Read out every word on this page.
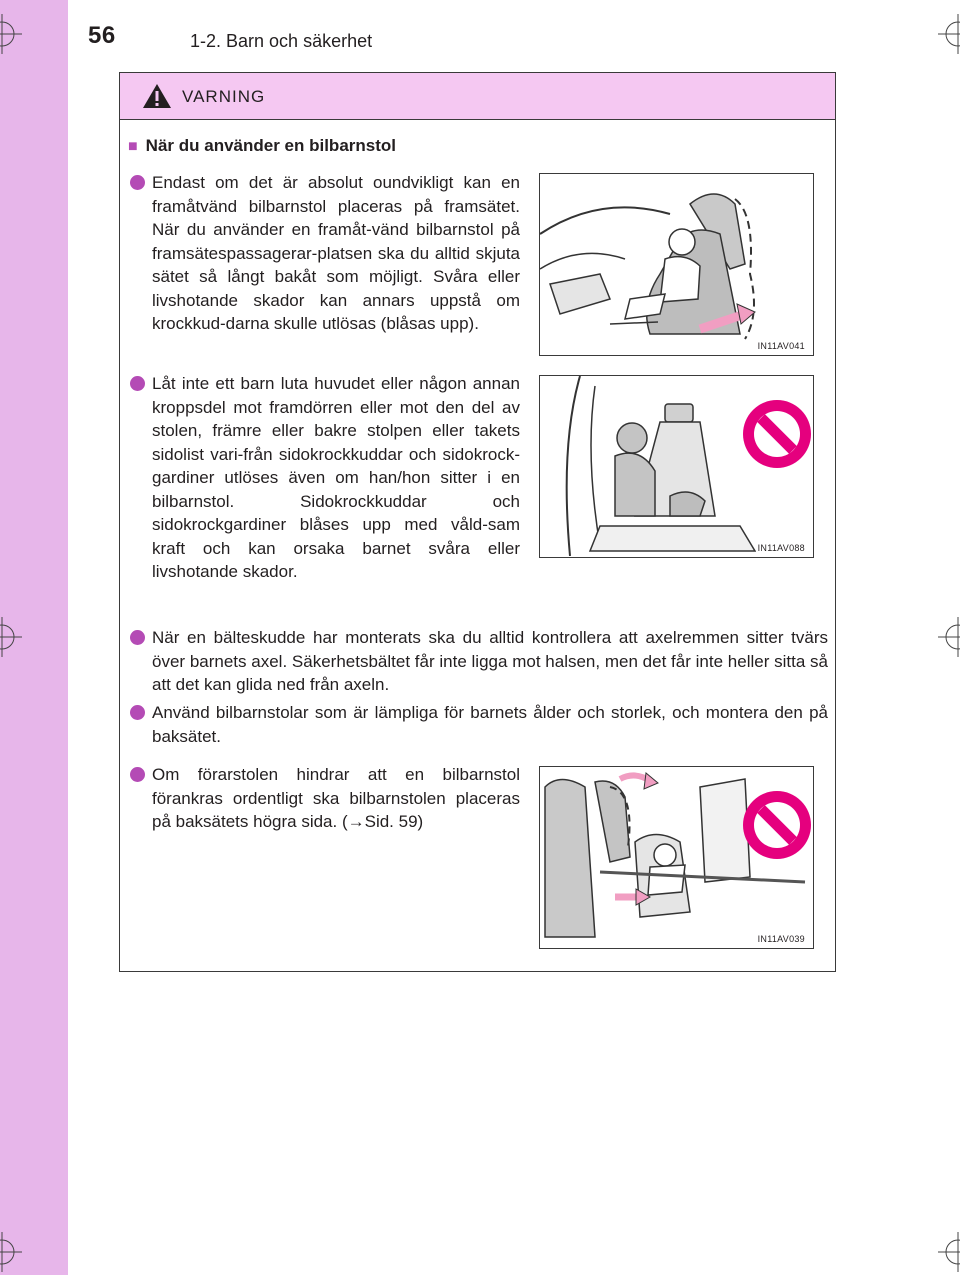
56	1-2. Barn och säkerhet
VARNING
■ När du använder en bilbarnstol
Endast om det är absolut oundvikligt kan en framåtvänd bilbarnstol placeras på framsätet. När du använder en framåt-vänd bilbarnstol på framsätespassagerar-platsen ska du alltid skjuta sätet så långt bakåt som möjligt. Svåra eller livshotande skador kan annars uppstå om krockkud-darna skulle utlösas (blåsas upp).
IN11AV041
Låt inte ett barn luta huvudet eller någon annan kroppsdel mot framdörren eller mot den del av stolen, främre eller bakre stolpen eller takets sidolist vari-från sidokrockkuddar och sidokrock-gardiner utlöses även om han/hon sitter i en bilbarnstol. Sidokrockkuddar och sidokrockgardiner blåses upp med våld-sam kraft och kan orsaka barnet svåra eller livshotande skador.
IN11AV088
När en bälteskudde har monterats ska du alltid kontrollera att axelremmen sitter tvärs över barnets axel. Säkerhetsbältet får inte ligga mot halsen, men det får inte heller sitta så att det kan glida ned från axeln.
Använd bilbarnstolar som är lämpliga för barnets ålder och storlek, och montera den på baksätet.
Om förarstolen hindrar att en bilbarnstol förankras ordentligt ska bilbarnstolen placeras på baksätets högra sida. (→Sid. 59)
IN11AV039
